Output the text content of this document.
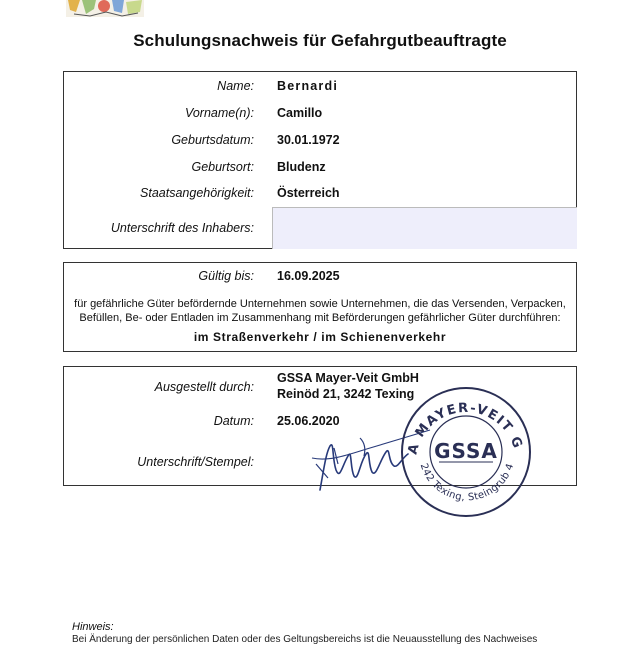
Schulungsnachweis für Gefahrgutbeauftragte
Name: Bernardi
Vorname(n): Camillo
Geburtsdatum: 30.01.1972
Geburtsort: Bludenz
Staatsangehörigkeit: Österreich
Unterschrift des Inhabers:
Gültig bis: 16.09.2025
für gefährliche Güter befördernde Unternehmen sowie Unternehmen, die das Versenden, Verpacken,
Befüllen, Be- oder Entladen im Zusammenhang mit Beförderungen gefährlicher Güter durchführen:
im Straßenverkehr / im Schienenverkehr
Ausgestellt durch:
GSSA Mayer-Veit GmbH
Reinöd 21, 3242 Texing
Datum: 25.06.2020
Unterschrift/Stempel:
A MAYER-VEIT G
242 Texing, Steingrub 4
GSSA
Hinweis:
Bei Änderung der persönlichen Daten oder des Geltungsbereichs ist die Neuausstellung des Nachweises
